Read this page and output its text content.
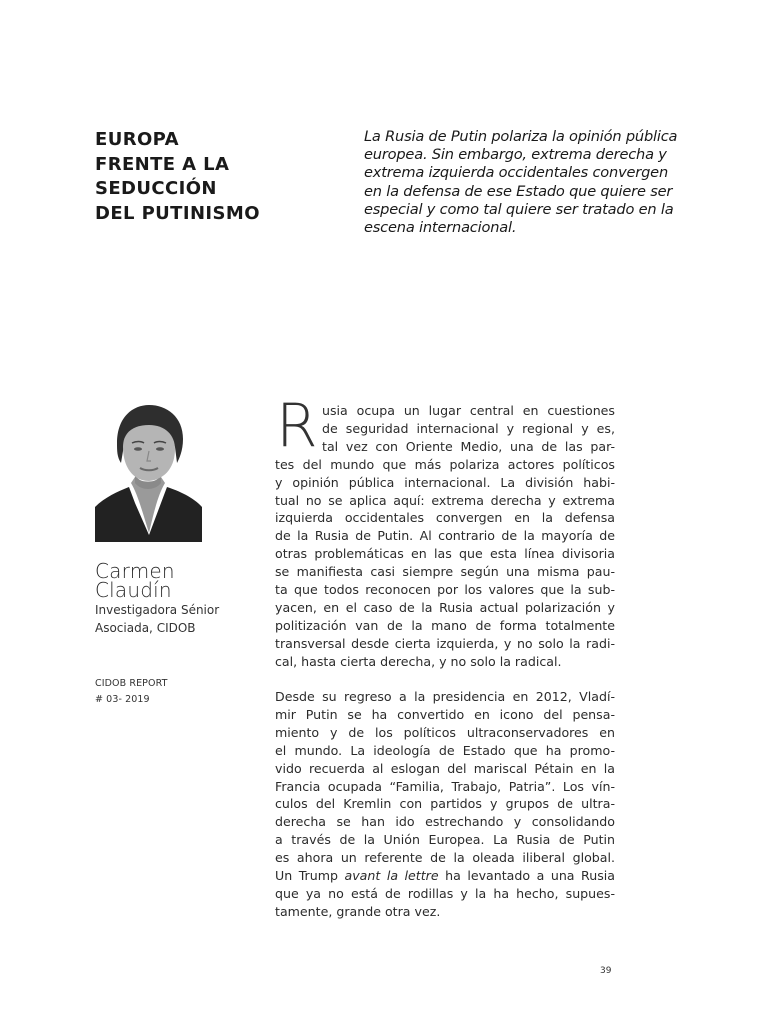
EUROPA
FRENTE A LA
SEDUCCIÓN
DEL PUTINISMO
La Rusia de Putin polariza la opinión pública
europea. Sin embargo, extrema derecha y
extrema izquierda occidentales convergen
en la defensa de ese Estado que quiere ser
especial y como tal quiere ser tratado en la
escena internacional.
Carmen
Claudín
Investigadora Sénior
Asociada, CIDOB
CIDOB REPORT
# 03- 2019
R usia ocupa un lugar central en cuestiones
de seguridad internacional y regional y es,
tal vez con Oriente Medio, una de las par-
tes del mundo que más polariza actores políticos
y opinión pública internacional. La división habi-
tual no se aplica aquí: extrema derecha y extrema
izquierda occidentales convergen en la defensa
de la Rusia de Putin. Al contrario de la mayoría de
otras problemáticas en las que esta línea divisoria
se manifiesta casi siempre según una misma pau-
ta que todos reconocen por los valores que la sub-
yacen, en el caso de la Rusia actual polarización y
politización van de la mano de forma totalmente
transversal desde cierta izquierda, y no solo la radi-
cal, hasta cierta derecha, y no solo la radical.
Desde su regreso a la presidencia en 2012, Vladí-
mir Putin se ha convertido en icono del pensa-
miento y de los políticos ultraconservadores en
el mundo. La ideología de Estado que ha promo-
vido recuerda al eslogan del mariscal Pétain en la
Francia ocupada “Familia, Trabajo, Patria”. Los vín-
culos del Kremlin con partidos y grupos de ultra-
derecha se han ido estrechando y consolidando
a través de la Unión Europea. La Rusia de Putin
es ahora un referente de la oleada iliberal global.
Un Trump avant la lettre ha levantado a una Rusia
que ya no está de rodillas y la ha hecho, supues-
tamente, grande otra vez.
39
